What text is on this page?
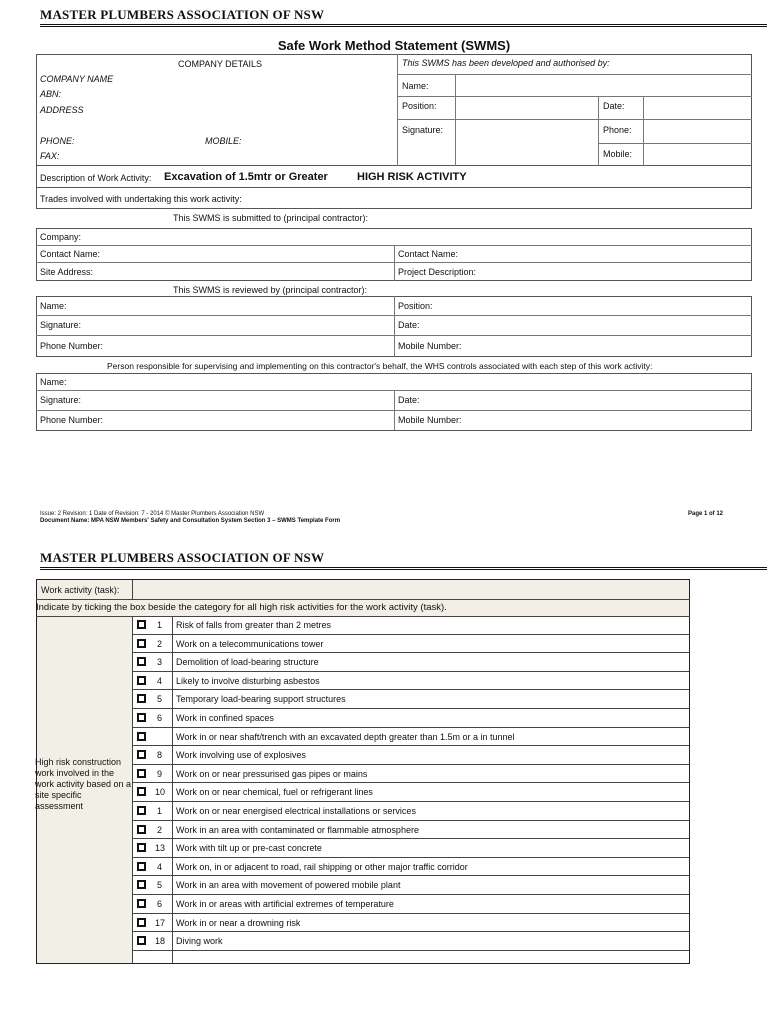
MASTER PLUMBERS ASSOCIATION OF NSW
Safe Work Method Statement (SWMS)
COMPANY DETAILS	This SWMS has been developed and authorised by:
COMPANY NAME
ABN:
ADDRESS
PHONE:	MOBILE:
FAX:
Name:
Position:	Date:
Signature:	Phone:
Mobile:
Description of Work Activity: Excavation of 1.5mtr or Greater	HIGH RISK ACTIVITY
Trades involved with undertaking this work activity:
This SWMS is submitted to (principal contractor):
Company:
Contact Name:	Contact Name:
Site Address:	Project Description:
This SWMS is reviewed by (principal contractor):
Name:	Position:
Signature:	Date:
Phone Number:	Mobile Number:
Person responsible for supervising and implementing on this contractor's behalf, the WHS controls associated with each step of this work activity:
Name:
Signature:	Date:
Phone Number:	Mobile Number:
Issue: 2 Revision: 1 Date of Revision: 7 - 2014 © Master Plumbers Association NSW
Document Name: MPA NSW Members' Safety and Consultation System Section 3 – SWMS Template Form
Page 1 of 12
MASTER PLUMBERS ASSOCIATION OF NSW
Work activity (task):
Indicate by ticking the box beside the category for all high risk activities for the work activity (task).
High risk construction work involved in the work activity based on a site specific assessment
1 Risk of falls from greater than 2 metres
2 Work on a telecommunications tower
3 Demolition of load-bearing structure
4 Likely to involve disturbing asbestos
5 Temporary load-bearing support structures
6 Work in confined spaces
Work in or near shaft/trench with an excavated depth greater than 1.5m or a in tunnel
8 Work involving use of explosives
9 Work on or near pressurised gas pipes or mains
10 Work on or near chemical, fuel or refrigerant lines
1 Work on or near energised electrical installations or services
2 Work in an area with contaminated or flammable atmosphere
13 Work with tilt up or pre-cast concrete
4 Work on, in or adjacent to road, rail shipping or other major traffic corridor
5 Work in an area with movement of powered mobile plant
6 Work in or areas with artificial extremes of temperature
17 Work in or near a drowning risk
18 Diving work
